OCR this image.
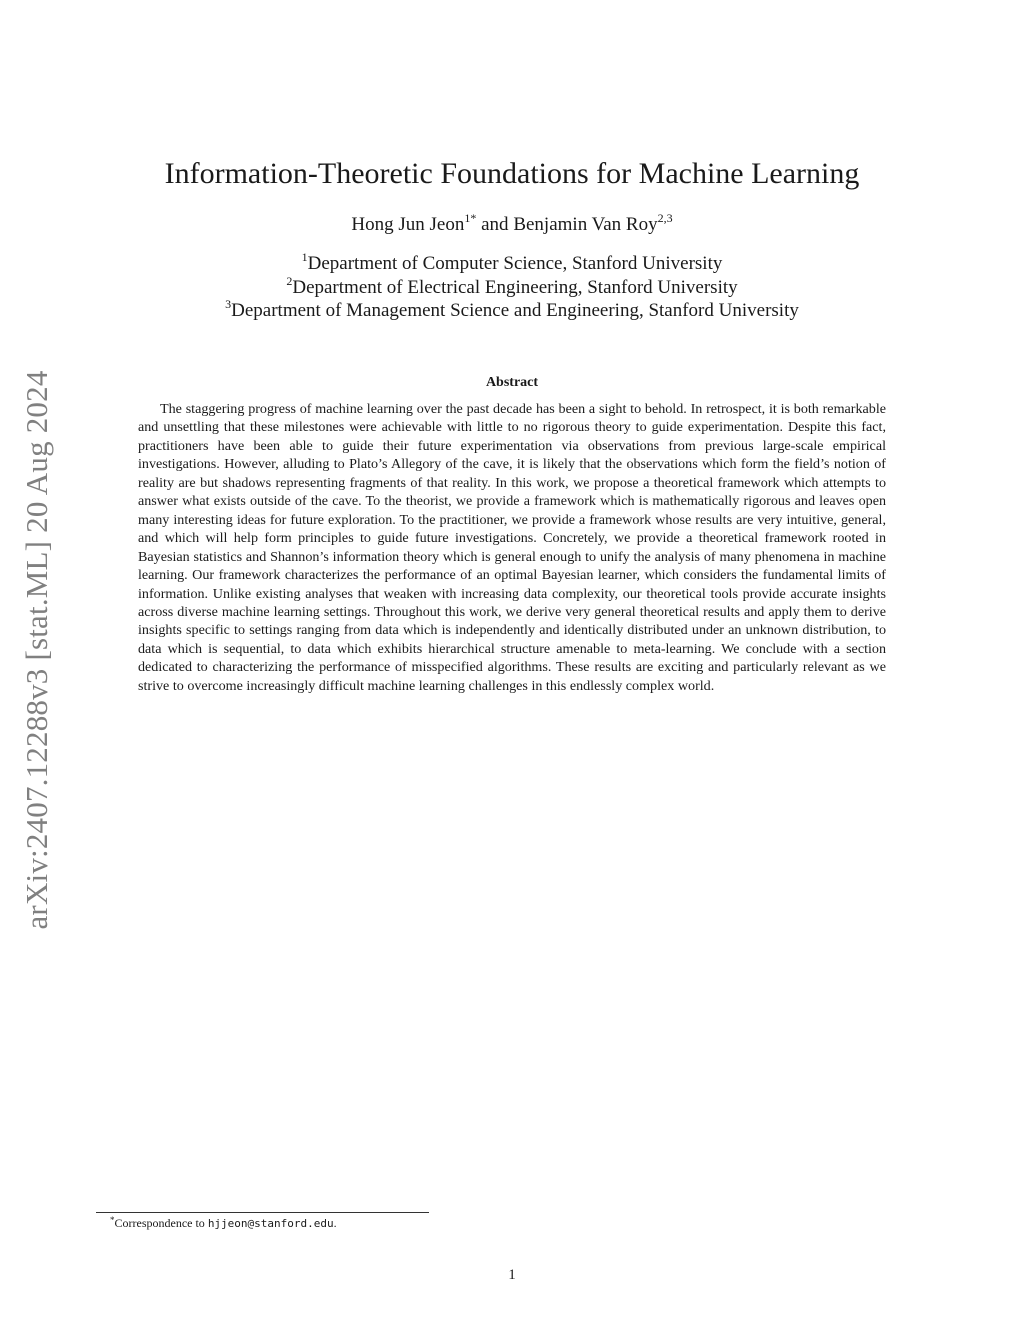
arXiv:2407.12288v3 [stat.ML] 20 Aug 2024
Information-Theoretic Foundations for Machine Learning
Hong Jun Jeon$^{1*}$ and Benjamin Van Roy$^{2,3}$
$^1$Department of Computer Science, Stanford University
$^2$Department of Electrical Engineering, Stanford University
$^3$Department of Management Science and Engineering, Stanford University
Abstract

The staggering progress of machine learning over the past decade has been a sight to behold. In retrospect, it is both remarkable and unsettling that these milestones were achievable with little to no rigorous theory to guide experimentation. Despite this fact, practitioners have been able to guide their future experimentation via observations from previous large-scale empirical investigations. However, alluding to Plato’s Allegory of the cave, it is likely that the observations which form the field’s notion of reality are but shadows representing fragments of that reality. In this work, we propose a theoretical framework which attempts to answer what exists outside of the cave. To the theorist, we provide a framework which is mathematically rigorous and leaves open many interesting ideas for future exploration. To the practitioner, we provide a framework whose results are very intuitive, general, and which will help form principles to guide future investigations. Concretely, we provide a theoretical framework rooted in Bayesian statistics and Shannon’s information theory which is general enough to unify the analysis of many phenomena in machine learning. Our framework characterizes the performance of an optimal Bayesian learner, which considers the fundamental limits of information. Unlike existing analyses that weaken with increasing data complexity, our theoretical tools provide accurate insights across diverse machine learning settings. Throughout this work, we derive very general theoretical results and apply them to derive insights specific to settings ranging from data which is independently and identically distributed under an unknown distribution, to data which is sequential, to data which exhibits hierarchical structure amenable to meta-learning. We conclude with a section dedicated to characterizing the performance of misspecified algorithms. These results are exciting and particularly relevant as we strive to overcome increasingly difficult machine learning challenges in this endlessly complex world.

*Correspondence to hjjeon@stanford.edu.
1
